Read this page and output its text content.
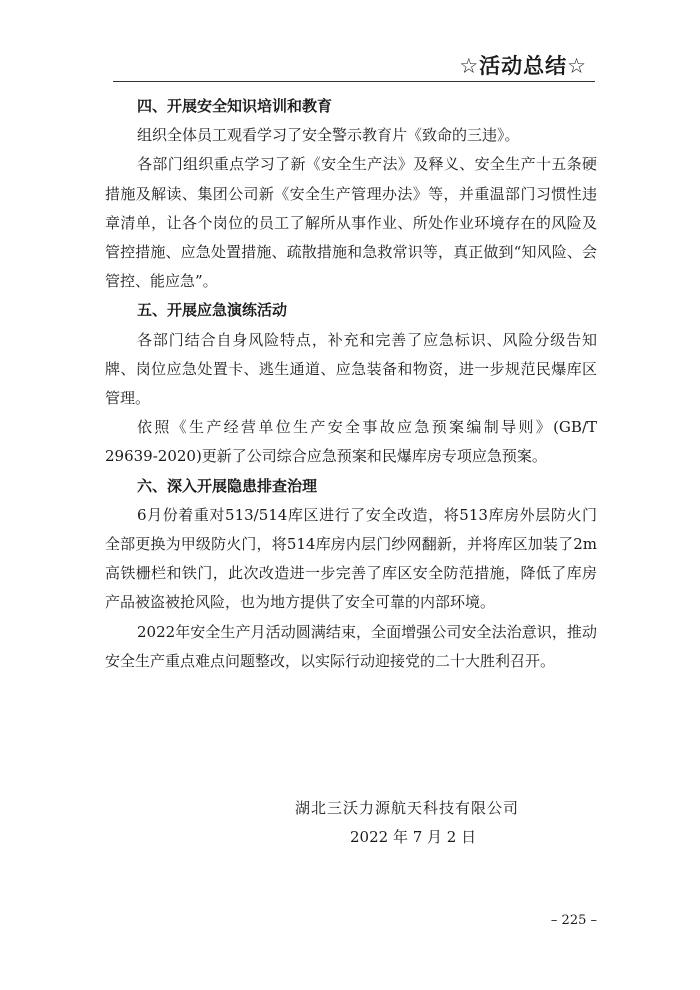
☆活动总结☆

四、开展安全知识培训和教育

组织全体员工观看学习了安全警示教育片《致命的三违》。

各部门组织重点学习了新《安全生产法》及释义、安全生产十五条硬措施及解读、集团公司新《安全生产管理办法》等，并重温部门习惯性违章清单，让各个岗位的员工了解所从事作业、所处作业环境存在的风险及管控措施、应急处置措施、疏散措施和急救常识等，真正做到“知风险、会管控、能应急”。

五、开展应急演练活动

各部门结合自身风险特点，补充和完善了应急标识、风险分级告知牌、岗位应急处置卡、逃生通道、应急装备和物资，进一步规范民爆库区管理。

依照《生产经营单位生产安全事故应急预案编制导则》(GB/T 29639-2020)更新了公司综合应急预案和民爆库房专项应急预案。

六、深入开展隐患排查治理

6月份着重对513/514库区进行了安全改造，将513库房外层防火门全部更换为甲级防火门，将514库房内层门纱网翻新，并将库区加装了2m高铁栅栏和铁门，此次改造进一步完善了库区安全防范措施，降低了库房产品被盗被抢风险，也为地方提供了安全可靠的内部环境。

2022年安全生产月活动圆满结束，全面增强公司安全法治意识，推动安全生产重点难点问题整改，以实际行动迎接党的二十大胜利召开。

湖北三沃力源航天科技有限公司
2022 年 7 月 2 日
– 225 –
